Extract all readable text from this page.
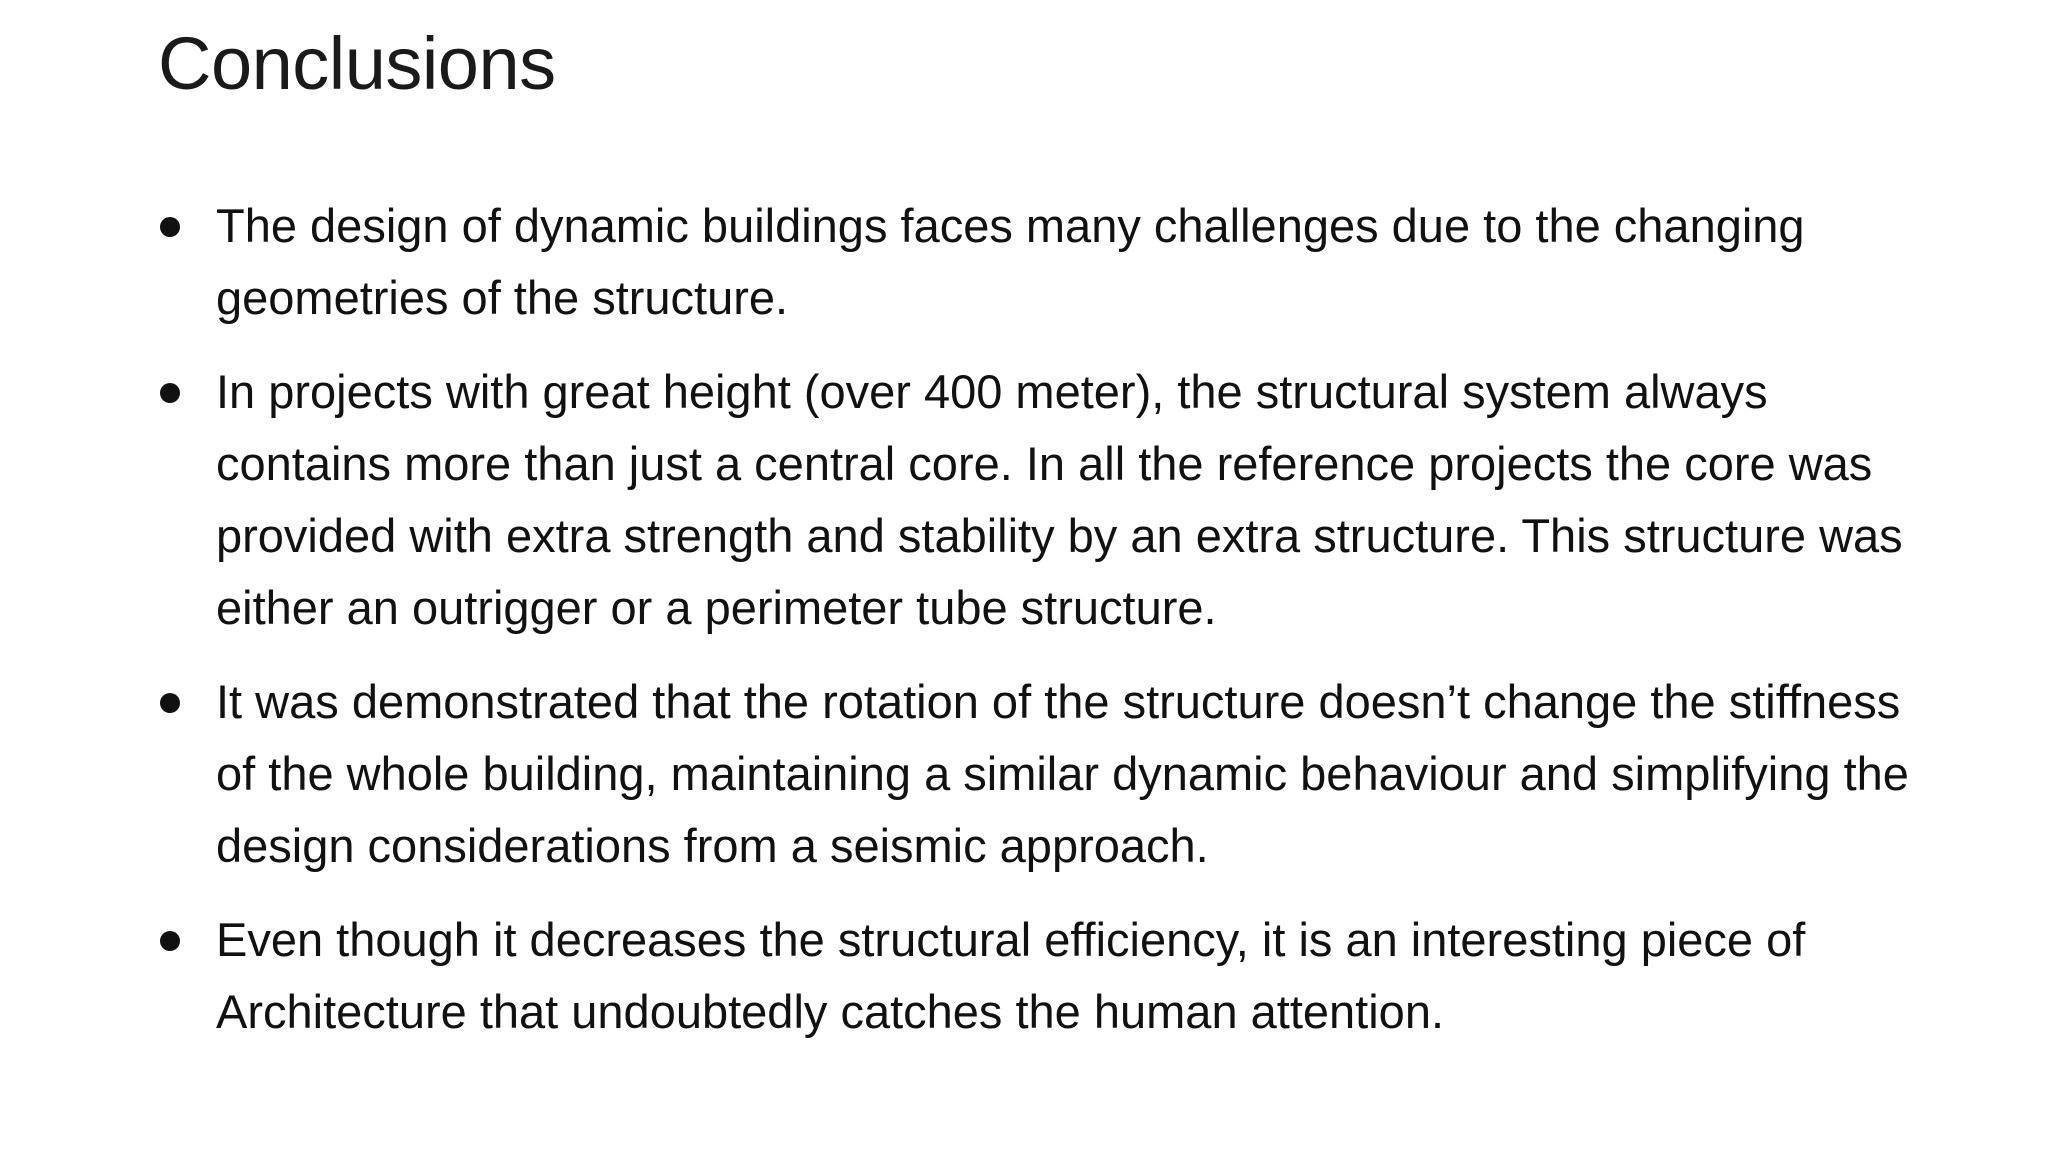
Conclusions
The design of dynamic buildings faces many challenges due to the changing geometries of the structure.
In projects with great height (over 400 meter), the structural system always contains more than just a central core. In all the reference projects the core was provided with extra strength and stability by an extra structure. This structure was either an outrigger or a perimeter tube structure.
It was demonstrated that the rotation of the structure doesn’t change the stiffness of the whole building, maintaining a similar dynamic behaviour and simplifying the design considerations from a seismic approach.
Even though it decreases the structural efficiency, it is an interesting piece of Architecture that undoubtedly catches the human attention.
